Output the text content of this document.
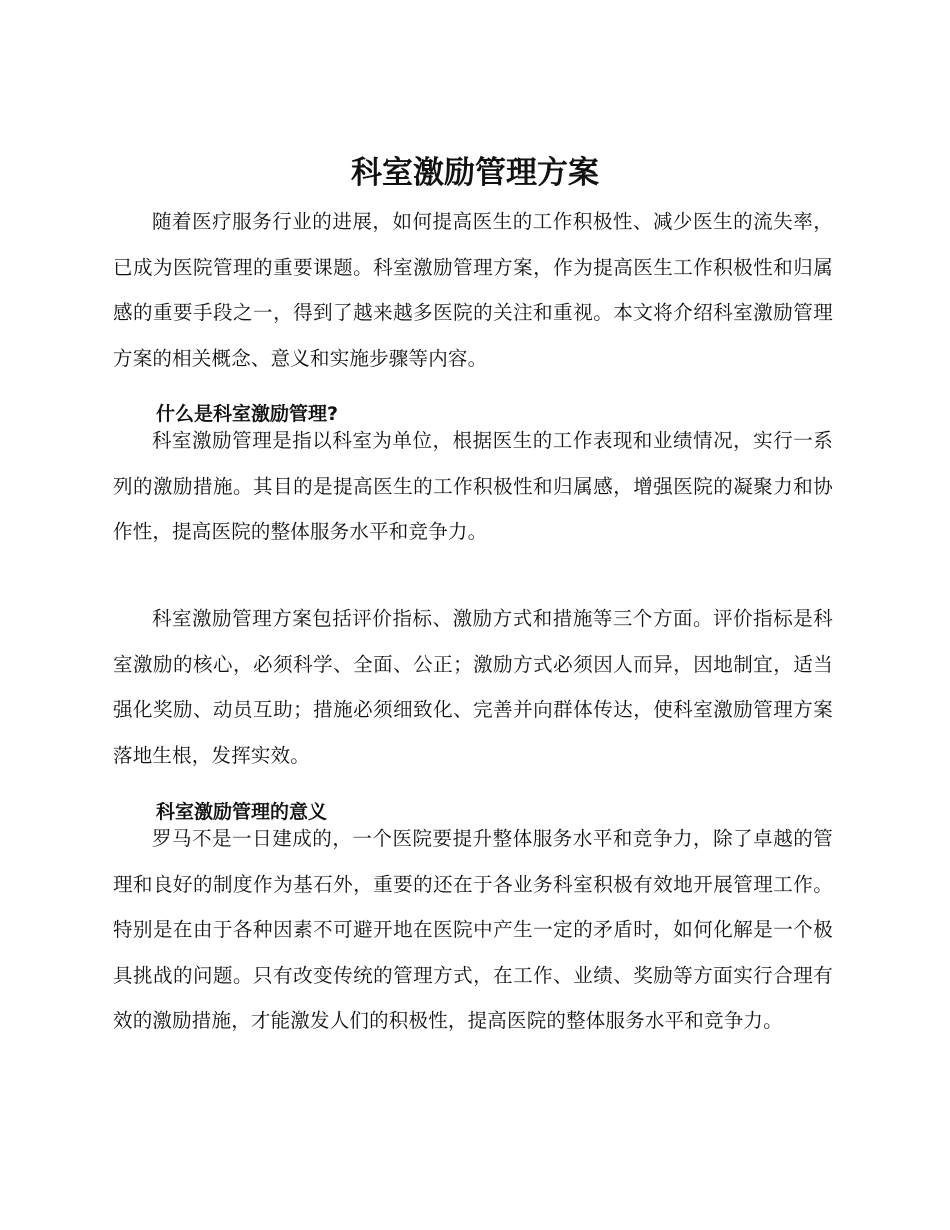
科室激励管理方案

随着医疗服务行业的进展，如何提高医生的工作积极性、减少医生的流失率，已成为医院管理的重要课题。科室激励管理方案，作为提高医生工作积极性和归属感的重要手段之一，得到了越来越多医院的关注和重视。本文将介绍科室激励管理方案的相关概念、意义和实施步骤等内容。

什么是科室激励管理?

科室激励管理是指以科室为单位，根据医生的工作表现和业绩情况，实行一系列的激励措施。其目的是提高医生的工作积极性和归属感，增强医院的凝聚力和协作性，提高医院的整体服务水平和竞争力。

科室激励管理方案包括评价指标、激励方式和措施等三个方面。评价指标是科室激励的核心，必须科学、全面、公正；激励方式必须因人而异，因地制宜，适当强化奖励、动员互助；措施必须细致化、完善并向群体传达，使科室激励管理方案落地生根，发挥实效。

科室激励管理的意义

罗马不是一日建成的，一个医院要提升整体服务水平和竞争力，除了卓越的管理和良好的制度作为基石外，重要的还在于各业务科室积极有效地开展管理工作。特别是在由于各种因素不可避开地在医院中产生一定的矛盾时，如何化解是一个极具挑战的问题。只有改变传统的管理方式，在工作、业绩、奖励等方面实行合理有效的激励措施，才能激发人们的积极性，提高医院的整体服务水平和竞争力。
